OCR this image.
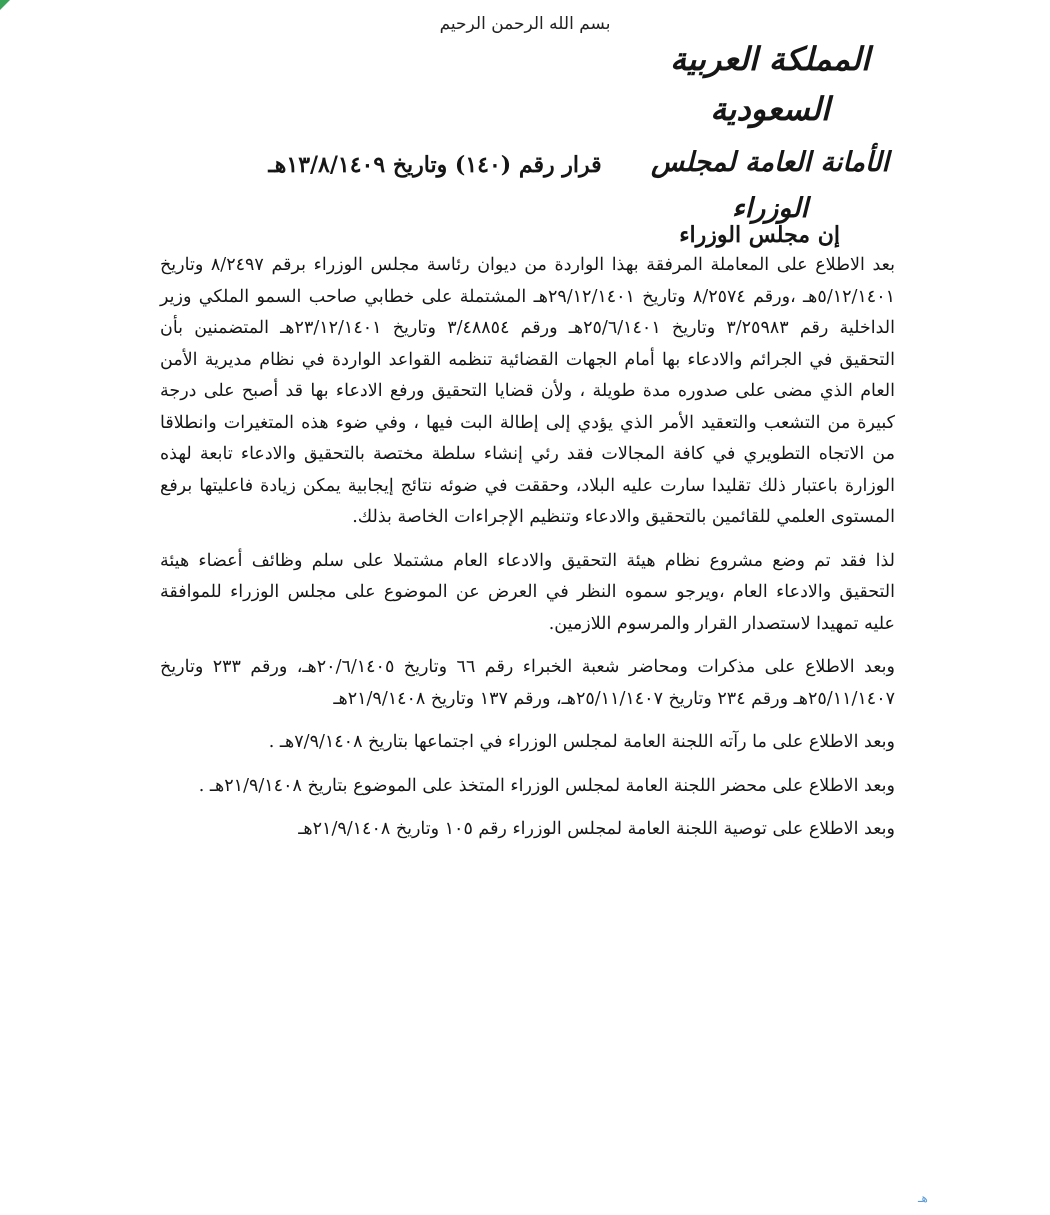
بسم الله الرحمن الرحيم
المملكة العربية السعودية
الأمانة العامة لمجلس الوزراء
قرار رقم (١٤٠) وتاريخ ١٣/٨/١٤٠٩هـ
إن مجلس الوزراء

بعد الاطلاع على المعاملة المرفقة بهذا الواردة من ديوان رئاسة مجلس الوزراء برقم ٨/٢٤٩٧ وتاريخ ٥/١٢/١٤٠١هـ ،ورقم ٨/٢٥٧٤ وتاريخ ٢٩/١٢/١٤٠١هـ المشتملة على خطابي صاحب السمو الملكي وزير الداخلية رقم ٣/٢٥٩٨٣ وتاريخ ٢٥/٦/١٤٠١هـ ورقم ٣/٤٨٨٥٤ وتاريخ ٢٣/١٢/١٤٠١هـ المتضمنين بأن التحقيق في الجرائم والادعاء بها أمام الجهات القضائية تنظمه القواعد الواردة في نظام مديرية الأمن العام الذي مضى على صدوره مدة طويلة ، ولأن قضايا التحقيق ورفع الادعاء بها قد أصبح على درجة كبيرة من التشعب والتعقيد الأمر الذي يؤدي إلى إطالة البت فيها ، وفي ضوء هذه المتغيرات وانطلاقا من الاتجاه التطويري في كافة المجالات فقد رئي إنشاء سلطة مختصة بالتحقيق والادعاء تابعة لهذه الوزارة باعتبار ذلك تقليدا سارت عليه البلاد، وحققت في ضوئه نتائج إيجابية يمكن زيادة فاعليتها برفع المستوى العلمي للقائمين بالتحقيق والادعاء وتنظيم الإجراءات الخاصة بذلك.

لذا فقد تم وضع مشروع نظام هيئة التحقيق والادعاء العام مشتملا على سلم وظائف أعضاء هيئة التحقيق والادعاء العام ،ويرجو سموه النظر في العرض عن الموضوع على مجلس الوزراء للموافقة عليه تمهيدا لاستصدار القرار والمرسوم اللازمين.

وبعد الاطلاع على مذكرات ومحاضر شعبة الخبراء رقم ٦٦ وتاريخ ٢٠/٦/١٤٠٥هـ، ورقم ٢٣٣ وتاريخ ٢٥/١١/١٤٠٧هـ ورقم ٢٣٤ وتاريخ ٢٥/١١/١٤٠٧هـ، ورقم ١٣٧ وتاريخ ٢١/٩/١٤٠٨هـ

وبعد الاطلاع على ما رآته اللجنة العامة لمجلس الوزراء في اجتماعها بتاريخ ٧/٩/١٤٠٨هـ .

وبعد الاطلاع على محضر اللجنة العامة لمجلس الوزراء المتخذ على الموضوع بتاريخ ٢١/٩/١٤٠٨هـ .

وبعد الاطلاع على توصية اللجنة العامة لمجلس الوزراء رقم ١٠٥ وتاريخ ٢١/٩/١٤٠٨هـ

هـ
